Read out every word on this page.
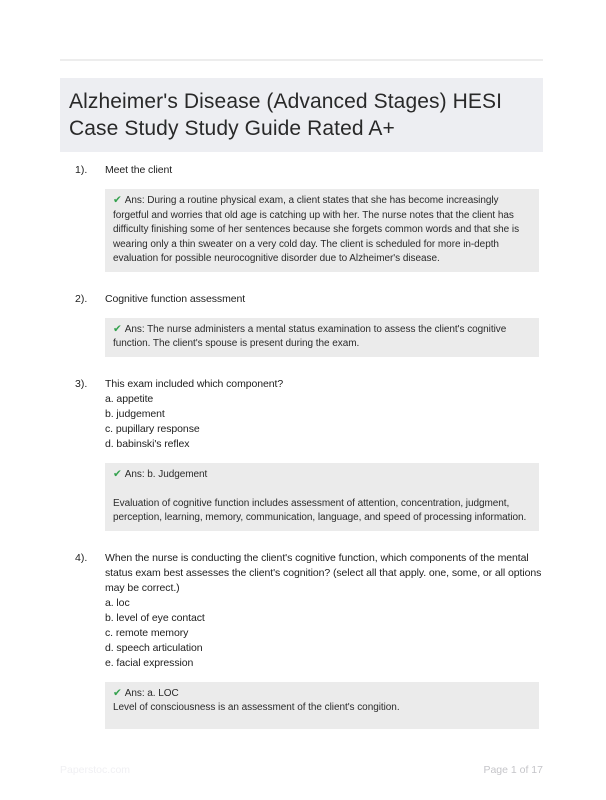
Alzheimer's Disease (Advanced Stages) HESI Case Study Study Guide Rated A+
1).	Meet the client
✔ Ans: During a routine physical exam, a client states that she has become increasingly forgetful and worries that old age is catching up with her. The nurse notes that the client has difficulty finishing some of her sentences because she forgets common words and that she is wearing only a thin sweater on a very cold day. The client is scheduled for more in-depth evaluation for possible neurocognitive disorder due to Alzheimer's disease.
2).	Cognitive function assessment
✔ Ans: The nurse administers a mental status examination to assess the client's cognitive function. The client's spouse is present during the exam.
3).	This exam included which component?
a. appetite
b. judgement
c. pupillary response
d. babinski's reflex
✔ Ans: b. Judgement
Evaluation of cognitive function includes assessment of attention, concentration, judgment, perception, learning, memory, communication, language, and speed of processing information.
4).	When the nurse is conducting the client's cognitive function, which components of the mental status exam best assesses the client's cognition? (select all that apply. one, some, or all options may be correct.)
a. loc
b. level of eye contact
c. remote memory
d. speech articulation
e. facial expression
✔ Ans: a. LOC
Level of consciousness is an assessment of the client's congition.
Paperstoc.com	Page 1 of 17
